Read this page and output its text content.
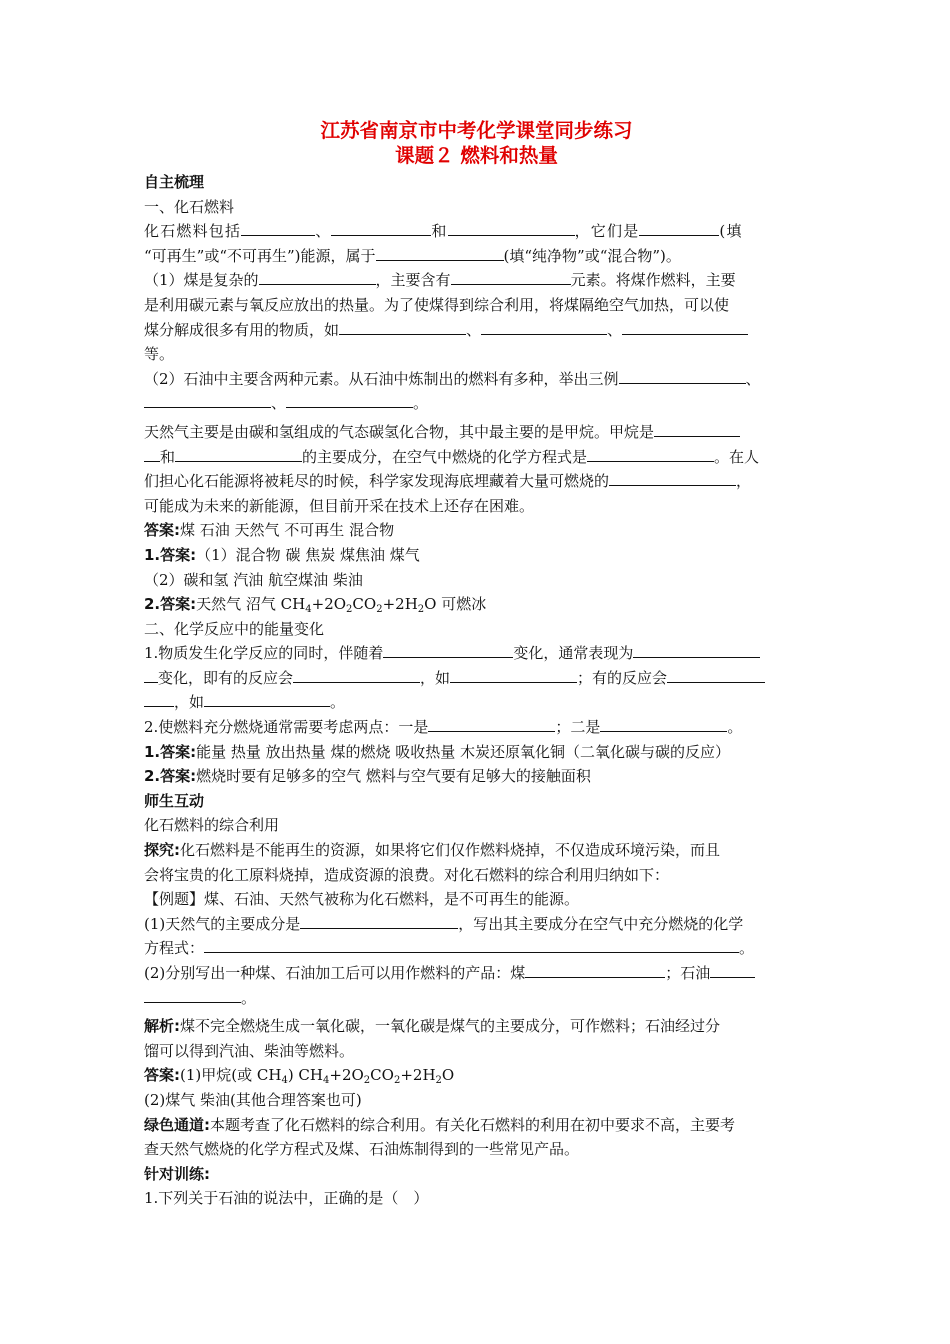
江苏省南京市中考化学课堂同步练习
课题２ 燃料和热量

自主梳理

一、化石燃料

化石燃料包括	、	和	，它们是	(填

“可再生”或“不可再生”)能源，属于	(填“纯净物”或“混合物”)。

（1）煤是复杂的	，主要含有	元素。将煤作燃料，主要

是利用碳元素与氧反应放出的热量。为了使煤得到综合利用，将煤隔绝空气加热，可以使

煤分解成很多有用的物质，如	、	、

等。

（2）石油中主要含两种元素。从石油中炼制出的燃料有多种，举出三例	、

、	。

天然气主要是由碳和氢组成的气态碳氢化合物，其中最主要的是甲烷。甲烷是

和	的主要成分，在空气中燃烧的化学方程式是	。在人

们担心化石能源将被耗尽的时候，科学家发现海底埋藏着大量可燃烧的	，

可能成为未来的新能源，但目前开采在技术上还存在困难。

答案:煤 石油 天然气 不可再生 混合物

1.答案:（1）混合物 碳 焦炭 煤焦油 煤气

（2）碳和氢 汽油 航空煤油 柴油

2.答案:天然气 沼气 $CH_4+2O_2CO_2+2H_2O$ 可燃冰

二、化学反应中的能量变化

1.物质发生化学反应的同时，伴随着	变化，通常表现为

变化，即有的反应会	，如	；有的反应会

，如	。

2.使燃料充分燃烧通常需要考虑两点：一是	；二是	。

1.答案:能量 热量 放出热量 煤的燃烧 吸收热量 木炭还原氧化铜（二氧化碳与碳的反应）

2.答案:燃烧时要有足够多的空气 燃料与空气要有足够大的接触面积

师生互动

化石燃料的综合利用

探究:化石燃料是不能再生的资源，如果将它们仅作燃料烧掉，不仅造成环境污染，而且

会将宝贵的化工原料烧掉，造成资源的浪费。对化石燃料的综合利用归纳如下：

【例题】煤、石油、天然气被称为化石燃料，是不可再生的能源。

(1)天然气的主要成分是	，写出其主要成分在空气中充分燃烧的化学

方程式：	。

(2)分别写出一种煤、石油加工后可以用作燃料的产品：煤	；石油

。

解析:煤不完全燃烧生成一氧化碳，一氧化碳是煤气的主要成分，可作燃料；石油经过分

馏可以得到汽油、柴油等燃料。

答案:(1)甲烷(或 $CH_4$) $CH_4+2O_2CO_2+2H_2O$

(2)煤气 柴油(其他合理答案也可)

绿色通道:本题考查了化石燃料的综合利用。有关化石燃料的利用在初中要求不高，主要考

查天然气燃烧的化学方程式及煤、石油炼制得到的一些常见产品。

针对训练:

1.下列关于石油的说法中，正确的是（　）
